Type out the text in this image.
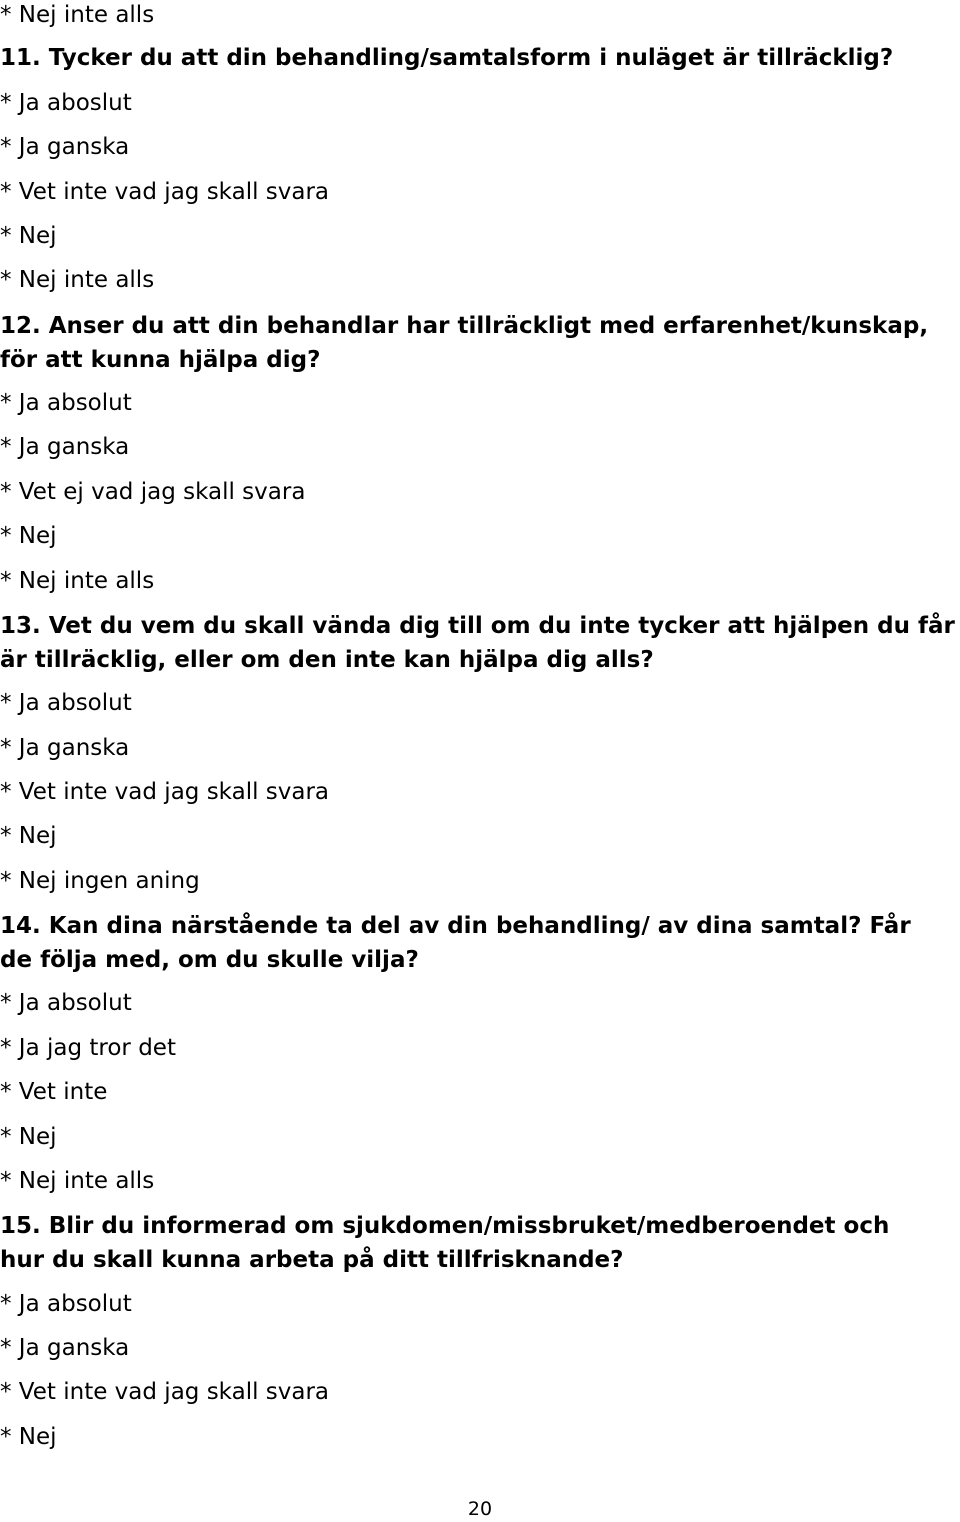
* Nej inte alls
11. Tycker du att din behandling/samtalsform i nuläget är tillräcklig?
* Ja aboslut
* Ja ganska
* Vet inte vad jag skall svara
* Nej
* Nej inte alls
12. Anser du att din behandlar har tillräckligt med erfarenhet/kunskap, för att kunna hjälpa dig?
* Ja absolut
* Ja ganska
* Vet ej vad jag skall svara
* Nej
* Nej inte alls
13. Vet du vem du skall vända dig till om du inte tycker att hjälpen du får är tillräcklig, eller om den inte kan hjälpa dig alls?
* Ja absolut
* Ja ganska
* Vet inte vad jag skall svara
* Nej
* Nej ingen aning
14. Kan dina närstående ta del av din behandling/ av dina samtal? Får de följa med, om du skulle vilja?
* Ja absolut
* Ja jag tror det
* Vet inte
* Nej
* Nej inte alls
15. Blir du informerad om sjukdomen/missbruket/medberoendet och hur du skall kunna arbeta på ditt tillfrisknande?
* Ja absolut
* Ja ganska
* Vet inte vad jag skall svara
* Nej
20
